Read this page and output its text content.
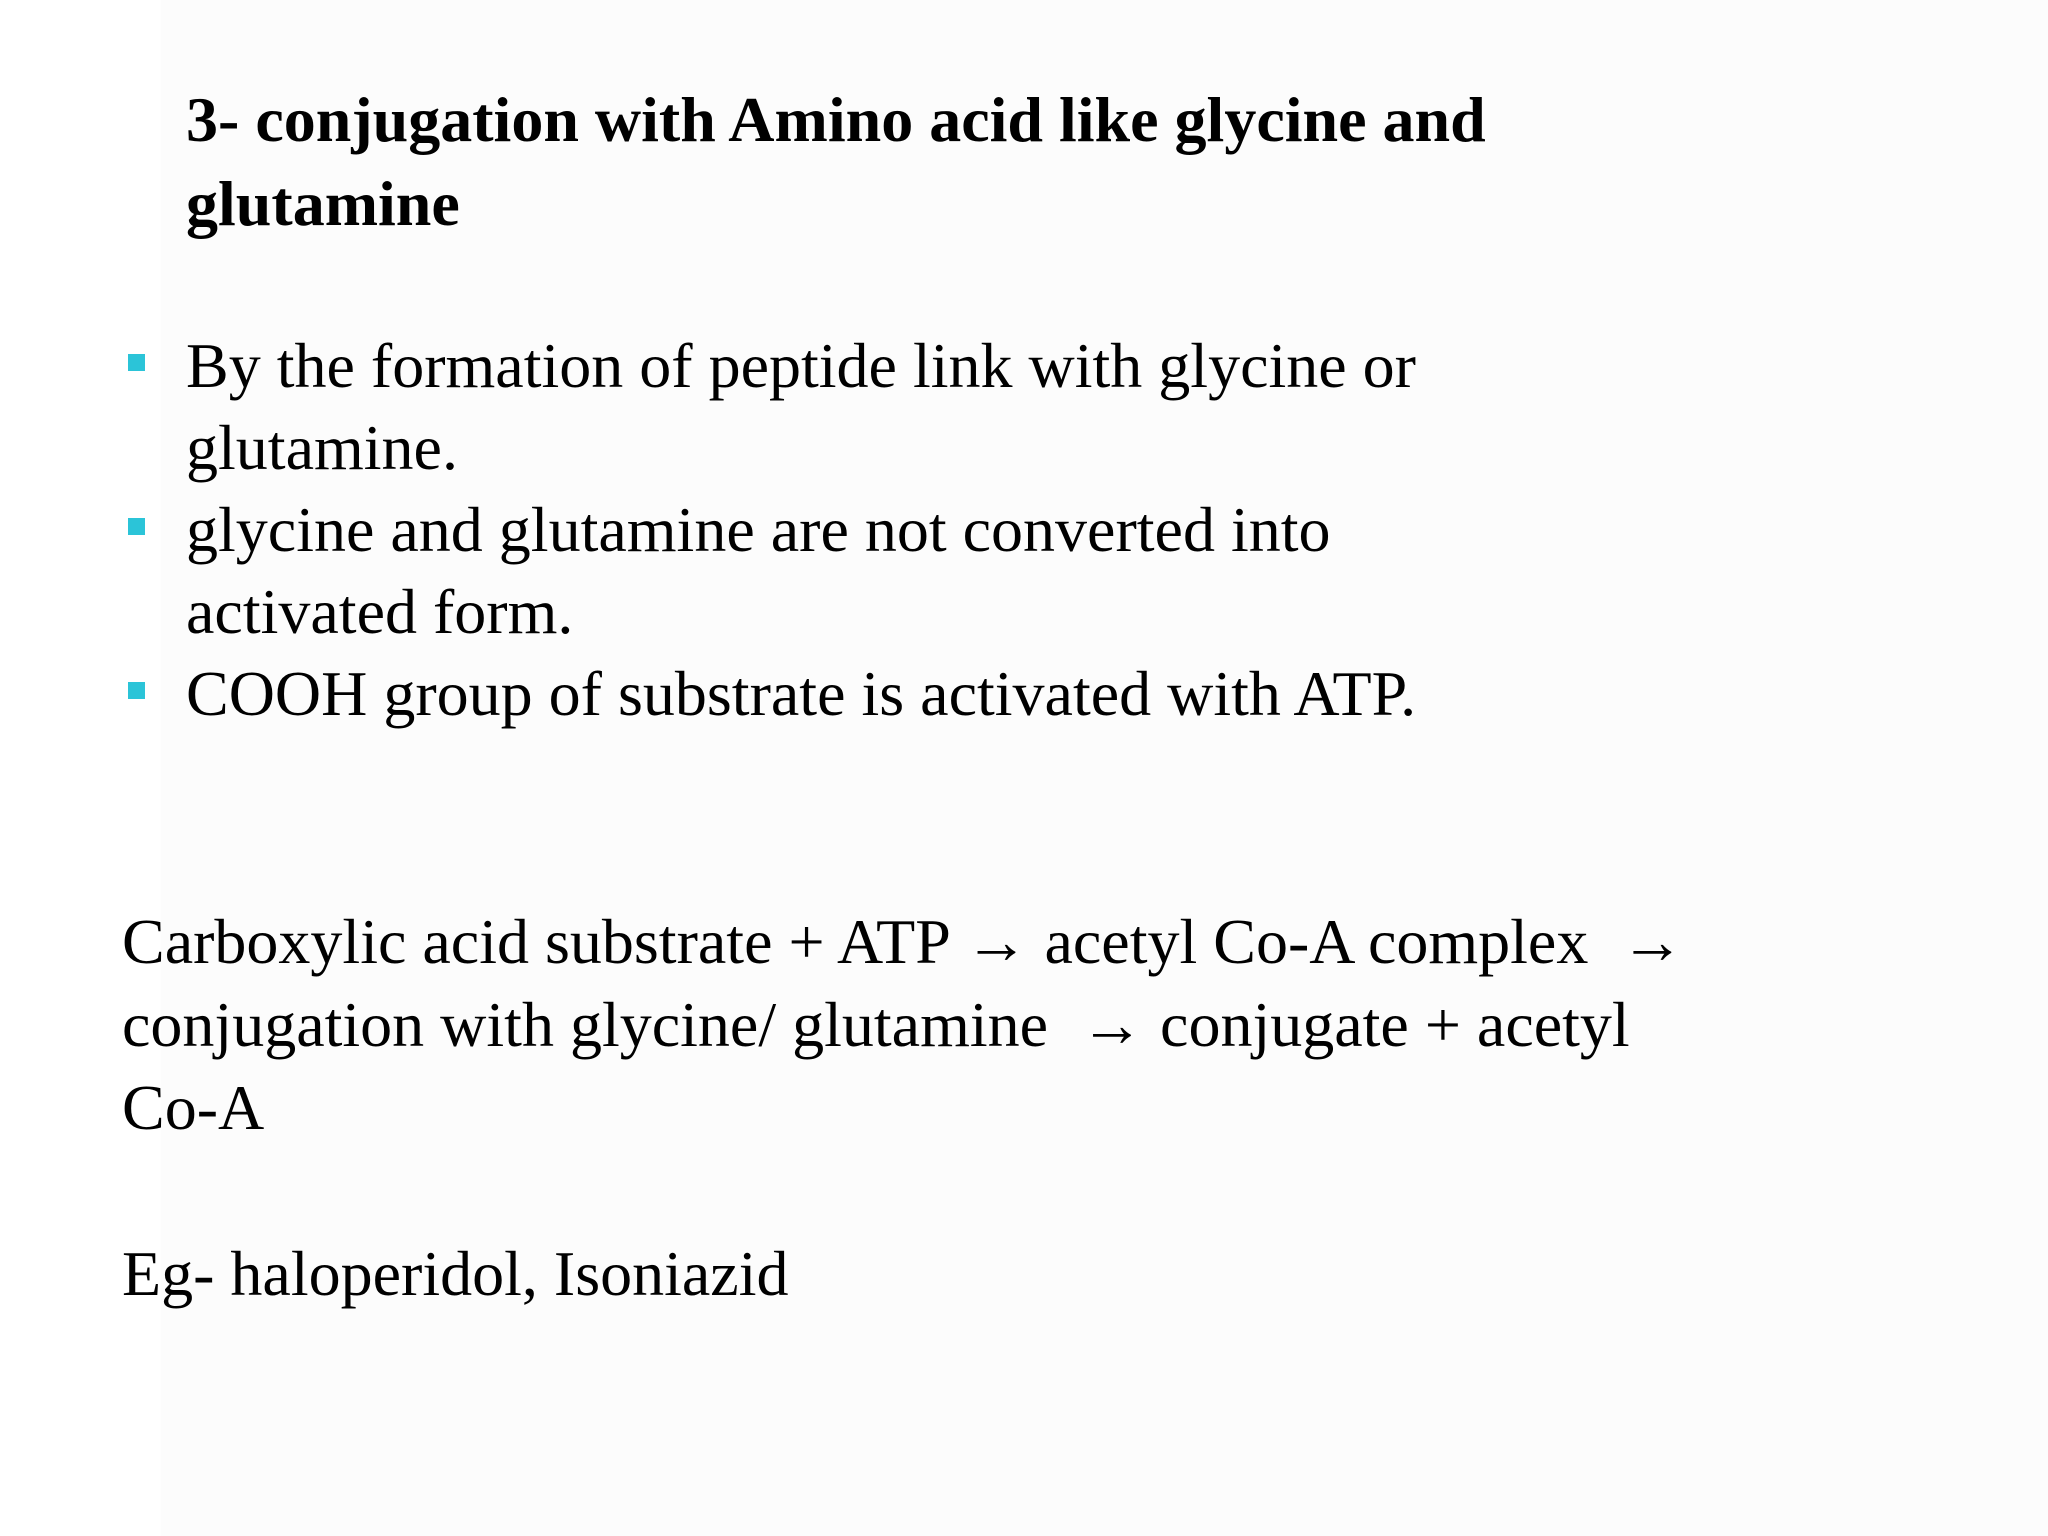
3- conjugation with Amino acid like glycine and
glutamine
By the formation of peptide link with glycine or
glutamine.
glycine and glutamine are not converted into
activated form.
COOH group of substrate is activated with ATP.

Carboxylic acid substrate + ATP → acetyl Co-A complex  →
conjugation with glycine/ glutamine  → conjugate + acetyl
Co-A

Eg- haloperidol, Isoniazid
